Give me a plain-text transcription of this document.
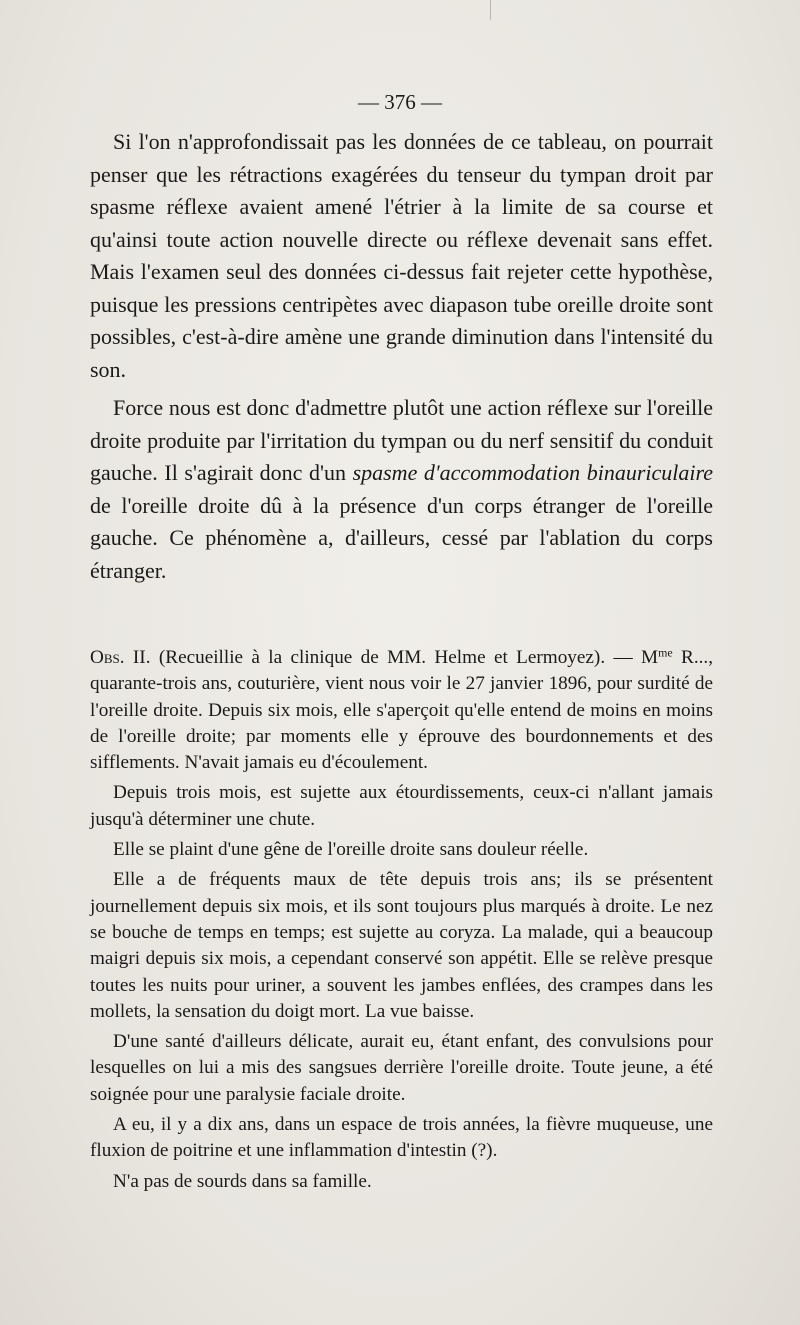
— 376 —

Si l'on n'approfondissait pas les données de ce tableau, on pourrait penser que les rétractions exagérées du tenseur du tympan droit par spasme réflexe avaient amené l'étrier à la limite de sa course et qu'ainsi toute action nouvelle directe ou réflexe devenait sans effet. Mais l'examen seul des données ci-dessus fait rejeter cette hypothèse, puisque les pressions centripètes avec diapason tube oreille droite sont possibles, c'est-à-dire amène une grande diminution dans l'intensité du son.

Force nous est donc d'admettre plutôt une action réflexe sur l'oreille droite produite par l'irritation du tympan ou du nerf sensitif du conduit gauche. Il s'agirait donc d'un spasme d'accommodation binauriculaire de l'oreille droite dû à la présence d'un corps étranger de l'oreille gauche. Ce phénomène a, d'ailleurs, cessé par l'ablation du corps étranger.

Obs. II. (Recueillie à la clinique de MM. Helme et Lermoyez). — $M^{me}$ R..., quarante-trois ans, couturière, vient nous voir le 27 janvier 1896, pour surdité de l'oreille droite. Depuis six mois, elle s'aperçoit qu'elle entend de moins en moins de l'oreille droite; par moments elle y éprouve des bourdonnements et des sifflements. N'avait jamais eu d'écoulement.

Depuis trois mois, est sujette aux étourdissements, ceux-ci n'allant jamais jusqu'à déterminer une chute.

Elle se plaint d'une gêne de l'oreille droite sans douleur réelle.

Elle a de fréquents maux de tête depuis trois ans; ils se présentent journellement depuis six mois, et ils sont toujours plus marqués à droite. Le nez se bouche de temps en temps; est sujette au coryza. La malade, qui a beaucoup maigri depuis six mois, a cependant conservé son appétit. Elle se relève presque toutes les nuits pour uriner, a souvent les jambes enflées, des crampes dans les mollets, la sensation du doigt mort. La vue baisse.

D'une santé d'ailleurs délicate, aurait eu, étant enfant, des convulsions pour lesquelles on lui a mis des sangsues derrière l'oreille droite. Toute jeune, a été soignée pour une paralysie faciale droite.

A eu, il y a dix ans, dans un espace de trois années, la fièvre muqueuse, une fluxion de poitrine et une inflammation d'intestin (?).

N'a pas de sourds dans sa famille.
